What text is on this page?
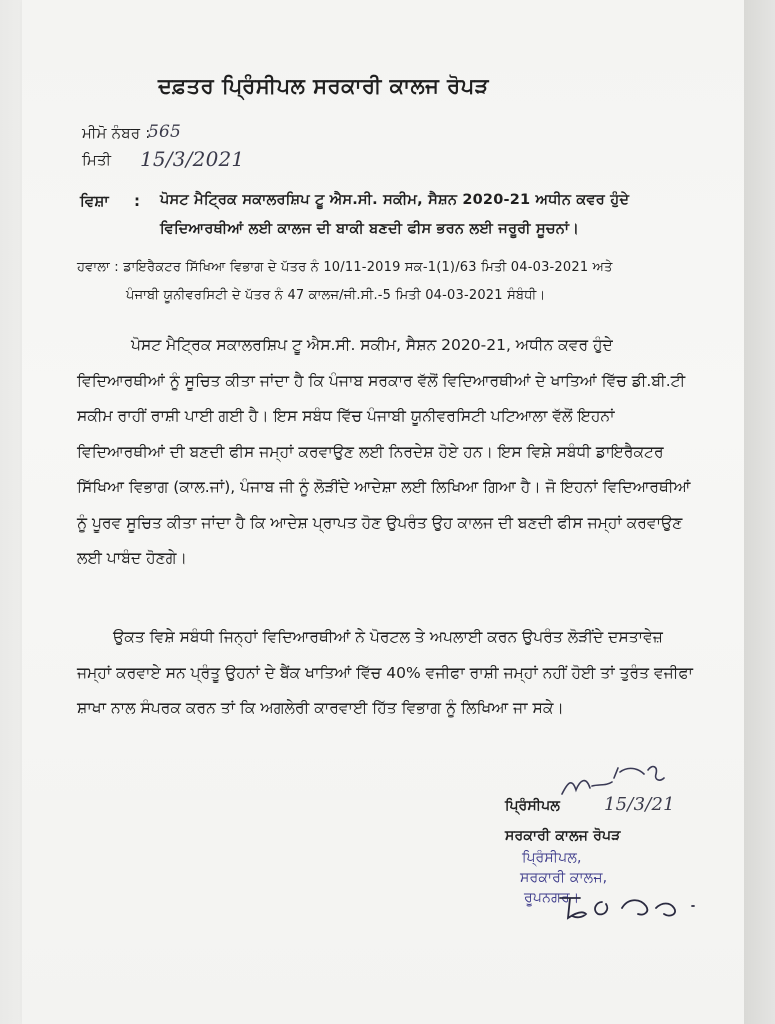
ਦਫ਼ਤਰ ਪ੍ਰਿੰਸੀਪਲ ਸਰਕਾਰੀ ਕਾਲਜ ਰੋਪੜ
ਮੀਮੋ ਨੰਬਰ :
565
ਮਿਤੀ 15/3/2021
ਵਿਸ਼ਾ : ਪੋਸਟ ਮੈਟ੍ਰਿਕ ਸਕਾਲਰਸ਼ਿਪ ਟੂ ਐਸ.ਸੀ. ਸਕੀਮ, ਸੈਸ਼ਨ 2020-21 ਅਧੀਨ ਕਵਰ ਹੁੰਦੇ
ਵਿਦਿਆਰਥੀਆਂ ਲਈ ਕਾਲਜ ਦੀ ਬਾਕੀ ਬਣਦੀ ਫੀਸ ਭਰਨ ਲਈ ਜਰੂਰੀ ਸੂਚਨਾਂ।
ਹਵਾਲਾ : ਡਾਇਰੈਕਟਰ ਸਿੱਖਿਆ ਵਿਭਾਗ ਦੇ ਪੱਤਰ ਨੰ 10/11-2019 ਸਕ-1(1)/63 ਮਿਤੀ 04-03-2021 ਅਤੇ
ਪੰਜਾਬੀ ਯੂਨੀਵਰਸਿਟੀ ਦੇ ਪੱਤਰ ਨੰ 47 ਕਾਲਜ/ਜੀ.ਸੀ.-5 ਮਿਤੀ 04-03-2021 ਸੰਬੰਧੀ।
ਪੋਸਟ ਮੈਟ੍ਰਿਕ ਸਕਾਲਰਸ਼ਿਪ ਟੂ ਐਸ.ਸੀ. ਸਕੀਮ, ਸੈਸ਼ਨ 2020-21, ਅਧੀਨ ਕਵਰ ਹੁੰਦੇ
ਵਿਦਿਆਰਥੀਆਂ ਨੂੰ ਸੂਚਿਤ ਕੀਤਾ ਜਾਂਦਾ ਹੈ ਕਿ ਪੰਜਾਬ ਸਰਕਾਰ ਵੱਲੋਂ ਵਿਦਿਆਰਥੀਆਂ ਦੇ ਖਾਤਿਆਂ ਵਿੱਚ ਡੀ.ਬੀ.ਟੀ
ਸਕੀਮ ਰਾਹੀਂ ਰਾਸ਼ੀ ਪਾਈ ਗਈ ਹੈ। ਇਸ ਸਬੰਧ ਵਿੱਚ ਪੰਜਾਬੀ ਯੂਨੀਵਰਸਿਟੀ ਪਟਿਆਲਾ ਵੱਲੋਂ ਇਹਨਾਂ
ਵਿਦਿਆਰਥੀਆਂ ਦੀ ਬਣਦੀ ਫੀਸ ਜਮ੍ਹਾਂ ਕਰਵਾਉਣ ਲਈ ਨਿਰਦੇਸ਼ ਹੋਏ ਹਨ। ਇਸ ਵਿਸ਼ੇ ਸਬੰਧੀ ਡਾਇਰੈਕਟਰ
ਸਿੱਖਿਆ ਵਿਭਾਗ (ਕਾਲ.ਜਾਂ), ਪੰਜਾਬ ਜੀ ਨੂੰ ਲੋੜੀਂਦੇ ਆਦੇਸ਼ਾ ਲਈ ਲਿਖਿਆ ਗਿਆ ਹੈ। ਜੋ ਇਹਨਾਂ ਵਿਦਿਆਰਥੀਆਂ
ਨੂੰ ਪੂਰਵ ਸੂਚਿਤ ਕੀਤਾ ਜਾਂਦਾ ਹੈ ਕਿ ਆਦੇਸ਼ ਪ੍ਰਾਪਤ ਹੋਣ ਉਪਰੰਤ ਉਹ ਕਾਲਜ ਦੀ ਬਣਦੀ ਫੀਸ ਜਮ੍ਹਾਂ ਕਰਵਾਉਣ
ਲਈ ਪਾਬੰਦ ਹੋਣਗੇ।
ਉਕਤ ਵਿਸ਼ੇ ਸਬੰਧੀ ਜਿਨ੍ਹਾਂ ਵਿਦਿਆਰਥੀਆਂ ਨੇ ਪੋਰਟਲ ਤੇ ਅਪਲਾਈ ਕਰਨ ਉਪਰੰਤ ਲੋੜੀਂਦੇ ਦਸਤਾਵੇਜ਼
ਜਮ੍ਹਾਂ ਕਰਵਾਏ ਸਨ ਪ੍ਰੰਤੂ ਉਹਨਾਂ ਦੇ ਬੈਂਕ ਖਾਤਿਆਂ ਵਿੱਚ 40% ਵਜੀਫਾ ਰਾਸ਼ੀ ਜਮ੍ਹਾਂ ਨਹੀਂ ਹੋਈ ਤਾਂ ਤੁਰੰਤ ਵਜੀਫਾ
ਸ਼ਾਖਾ ਨਾਲ ਸੰਪਰਕ ਕਰਨ ਤਾਂ ਕਿ ਅਗਲੇਰੀ ਕਾਰਵਾਈ ਹਿੱਤ ਵਿਭਾਗ ਨੂੰ ਲਿਖਿਆ ਜਾ ਸਕੇ।
ਪ੍ਰਿੰਸੀਪਲ
ਸਰਕਾਰੀ ਕਾਲਜ ਰੋਪੜ
15/3/21
ਪ੍ਰਿੰਸੀਪਲ,
ਸਰਕਾਰੀ ਕਾਲਜ,
ਰੂਪਨਗਰ।
